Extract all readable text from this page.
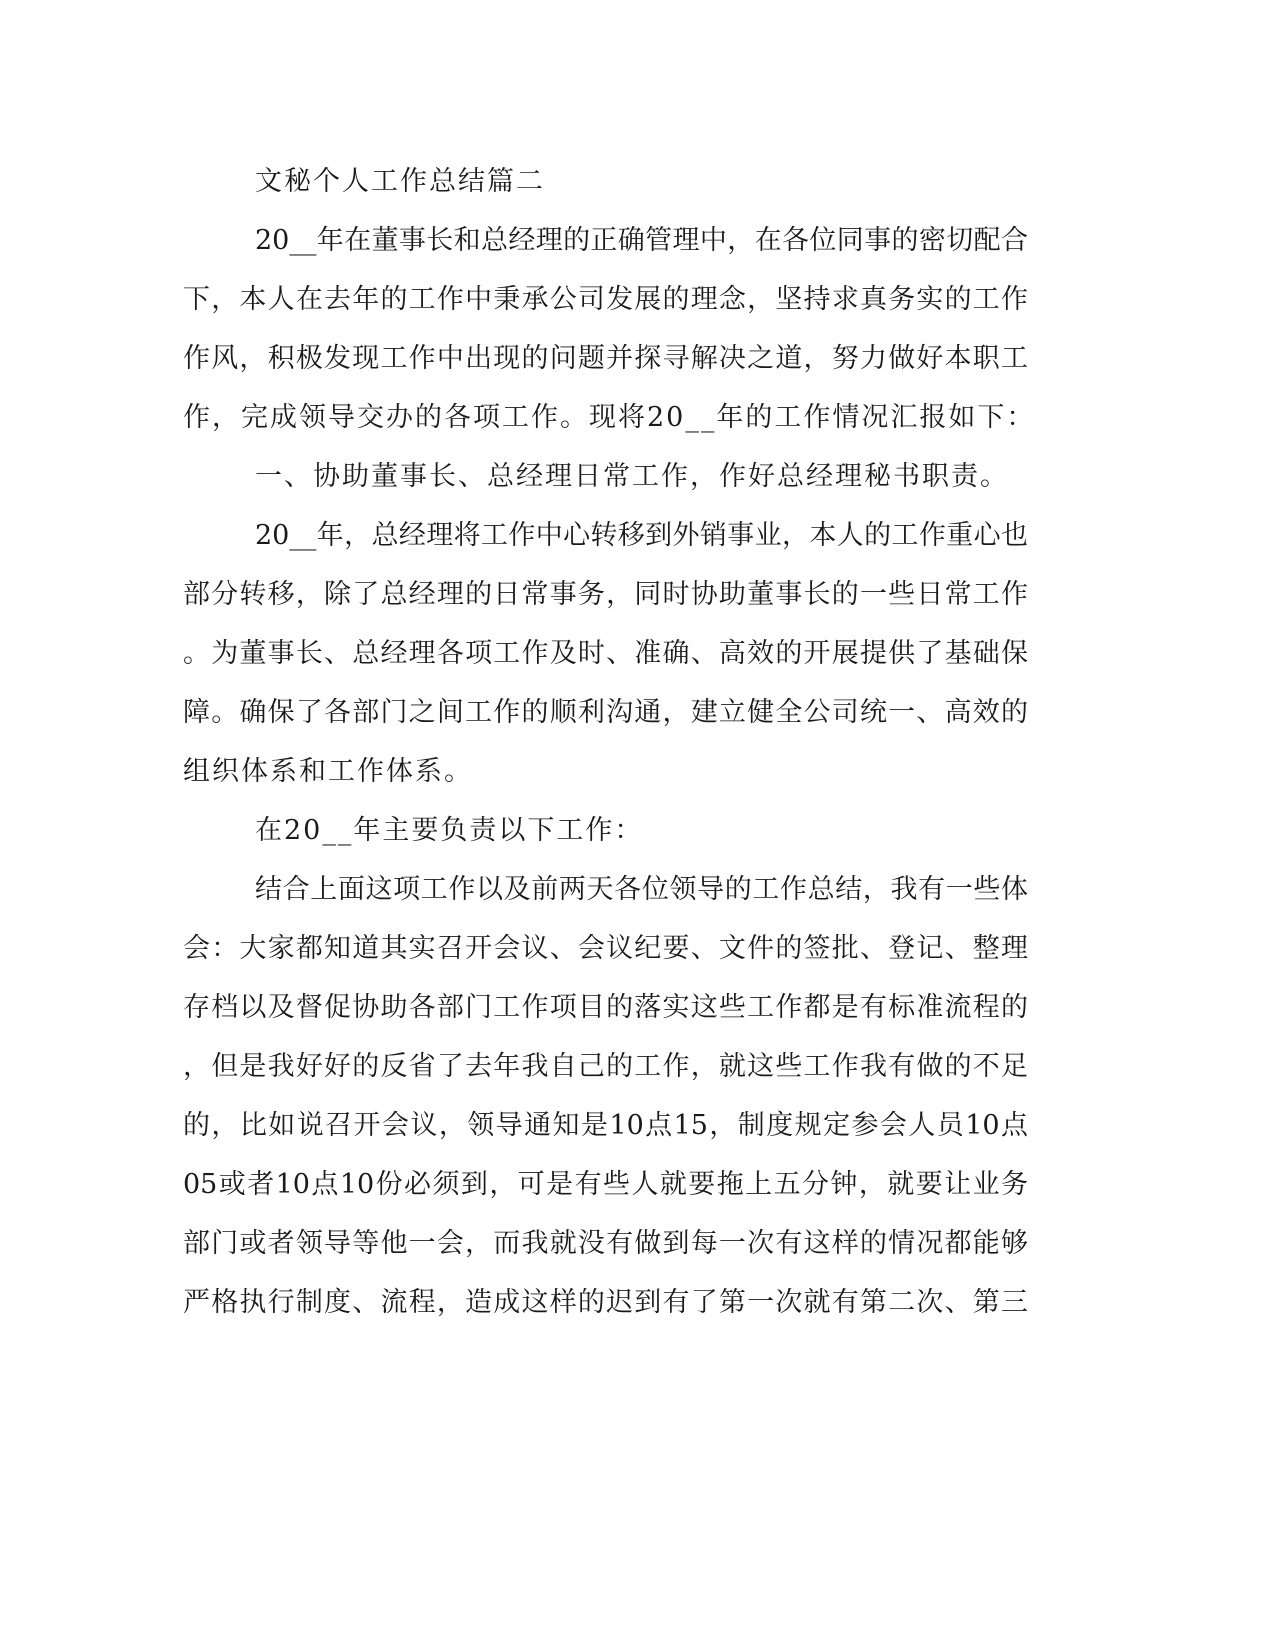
文秘个人工作总结篇二
20__年在董事长和总经理的正确管理中，在各位同事的密切配合
下，本人在去年的工作中秉承公司发展的理念，坚持求真务实的工作
作风，积极发现工作中出现的问题并探寻解决之道，努力做好本职工
作，完成领导交办的各项工作。现将20__年的工作情况汇报如下：
一、协助董事长、总经理日常工作，作好总经理秘书职责。
20__年，总经理将工作中心转移到外销事业，本人的工作重心也
部分转移，除了总经理的日常事务，同时协助董事长的一些日常工作
。为董事长、总经理各项工作及时、准确、高效的开展提供了基础保
障。确保了各部门之间工作的顺利沟通，建立健全公司统一、高效的
组织体系和工作体系。
在20__年主要负责以下工作：
结合上面这项工作以及前两天各位领导的工作总结，我有一些体
会：大家都知道其实召开会议、会议纪要、文件的签批、登记、整理
存档以及督促协助各部门工作项目的落实这些工作都是有标准流程的
，但是我好好的反省了去年我自己的工作，就这些工作我有做的不足
的，比如说召开会议，领导通知是10点15，制度规定参会人员10点
05或者10点10份必须到，可是有些人就要拖上五分钟，就要让业务
部门或者领导等他一会，而我就没有做到每一次有这样的情况都能够
严格执行制度、流程，造成这样的迟到有了第一次就有第二次、第三
